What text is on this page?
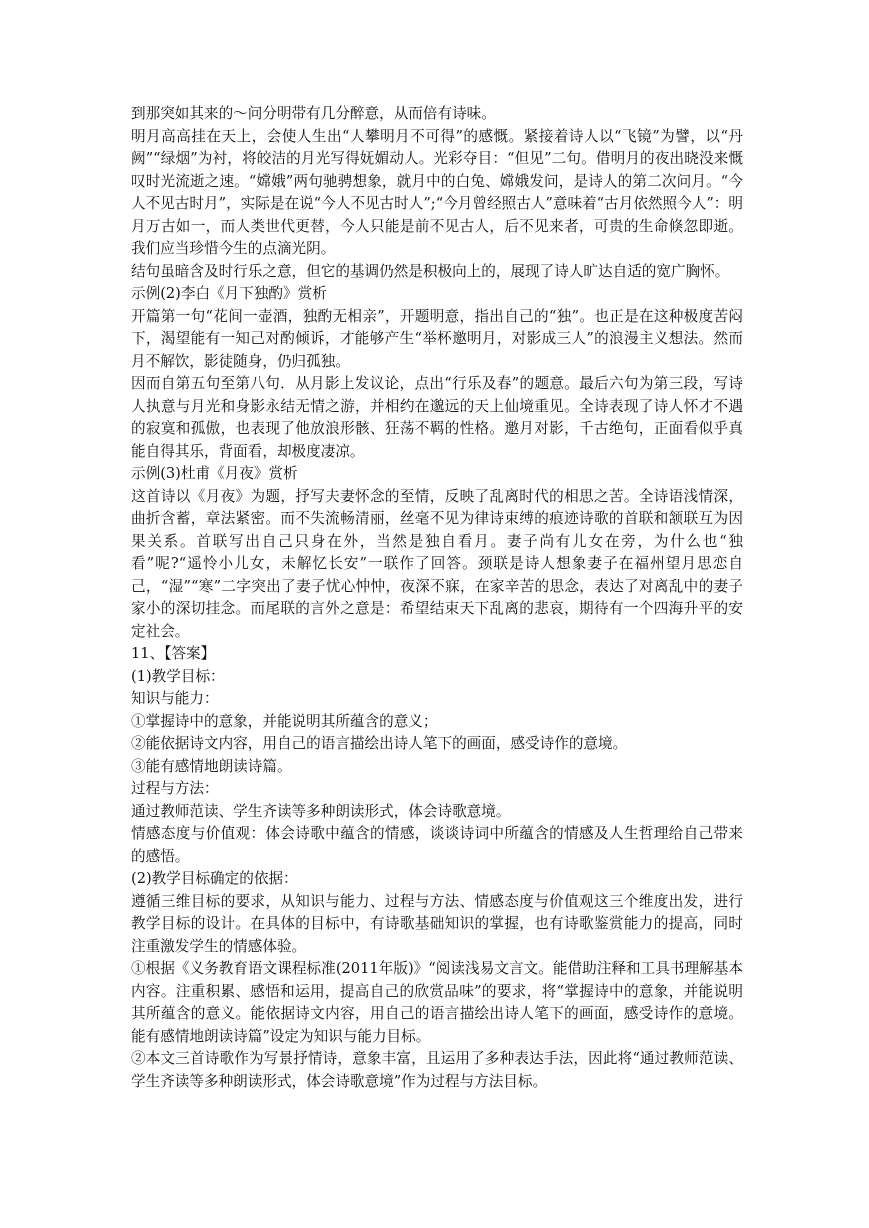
到那突如其来的～问分明带有几分醉意，从而倍有诗味。

明月高高挂在天上，会使人生出“人攀明月不可得”的感慨。紧接着诗人以“飞镜”为譬，以“丹阙”“绿烟”为衬，将皎洁的月光写得妩媚动人。光彩夺目：“但见”二句。借明月的夜出晓没来慨叹时光流逝之速。“嫦娥”两句驰骋想象，就月中的白兔、嫦娥发问，是诗人的第二次问月。“今人不见古时月”，实际是在说“今人不见古时人”;“今月曾经照古人”意味着“古月依然照今人”：明月万古如一，而人类世代更替，今人只能是前不见古人，后不见来者，可贵的生命倏忽即逝。我们应当珍惜今生的点滴光阴。

结句虽暗含及时行乐之意，但它的基调仍然是积极向上的，展现了诗人旷达自适的宽广胸怀。

示例(2)李白《月下独酌》赏析

开篇第一句“花间一壶酒，独酌无相亲”，开题明意，指出自己的“独”。也正是在这种极度苦闷下，渴望能有一知己对酌倾诉，才能够产生“举杯邀明月，对影成三人”的浪漫主义想法。然而月不解饮，影徒随身，仍归孤独。

因而自第五句至第八句．从月影上发议论，点出“行乐及春”的题意。最后六句为第三段，写诗人执意与月光和身影永结无情之游，并相约在邈远的天上仙境重见。全诗表现了诗人怀才不遇的寂寞和孤傲，也表现了他放浪形骸、狂荡不羁的性格。邀月对影，千古绝句，正面看似乎真能自得其乐，背面看，却极度凄凉。

示例(3)杜甫《月夜》赏析

这首诗以《月夜》为题，抒写夫妻怀念的至情，反映了乱离时代的相思之苦。全诗语浅情深，曲折含蓄，章法紧密。而不失流畅清丽，丝毫不见为律诗束缚的痕迹诗歌的首联和颔联互为因果关系。首联写出自己只身在外，当然是独自看月。妻子尚有儿女在旁，为什么也“独看”呢?“遥怜小儿女，未解忆长安”一联作了回答。颈联是诗人想象妻子在福州望月思恋自己，“湿”“寒”二字突出了妻子忧心忡忡，夜深不寐，在家辛苦的思念，表达了对离乱中的妻子家小的深切挂念。而尾联的言外之意是：希望结束天下乱离的悲哀，期待有一个四海升平的安定社会。

11、【答案】

(1)教学目标：

知识与能力：

①掌握诗中的意象，并能说明其所蕴含的意义；

②能依据诗文内容，用自己的语言描绘出诗人笔下的画面，感受诗作的意境。

③能有感情地朗读诗篇。

过程与方法：

通过教师范读、学生齐读等多种朗读形式，体会诗歌意境。

情感态度与价值观：体会诗歌中蕴含的情感，谈谈诗词中所蕴含的情感及人生哲理给自己带来的感悟。

(2)教学目标确定的依据：

遵循三维目标的要求，从知识与能力、过程与方法、情感态度与价值观这三个维度出发，进行教学目标的设计。在具体的目标中，有诗歌基础知识的掌握，也有诗歌鉴赏能力的提高，同时注重激发学生的情感体验。

①根据《义务教育语文课程标准(2011年版)》“阅读浅易文言文。能借助注释和工具书理解基本内容。注重积累、感悟和运用，提高自己的欣赏品味”的要求，将“掌握诗中的意象，并能说明其所蕴含的意义。能依据诗文内容，用自己的语言描绘出诗人笔下的画面，感受诗作的意境。能有感情地朗读诗篇”设定为知识与能力目标。

②本文三首诗歌作为写景抒情诗，意象丰富，且运用了多种表达手法，因此将“通过教师范读、学生齐读等多种朗读形式，体会诗歌意境”作为过程与方法目标。
